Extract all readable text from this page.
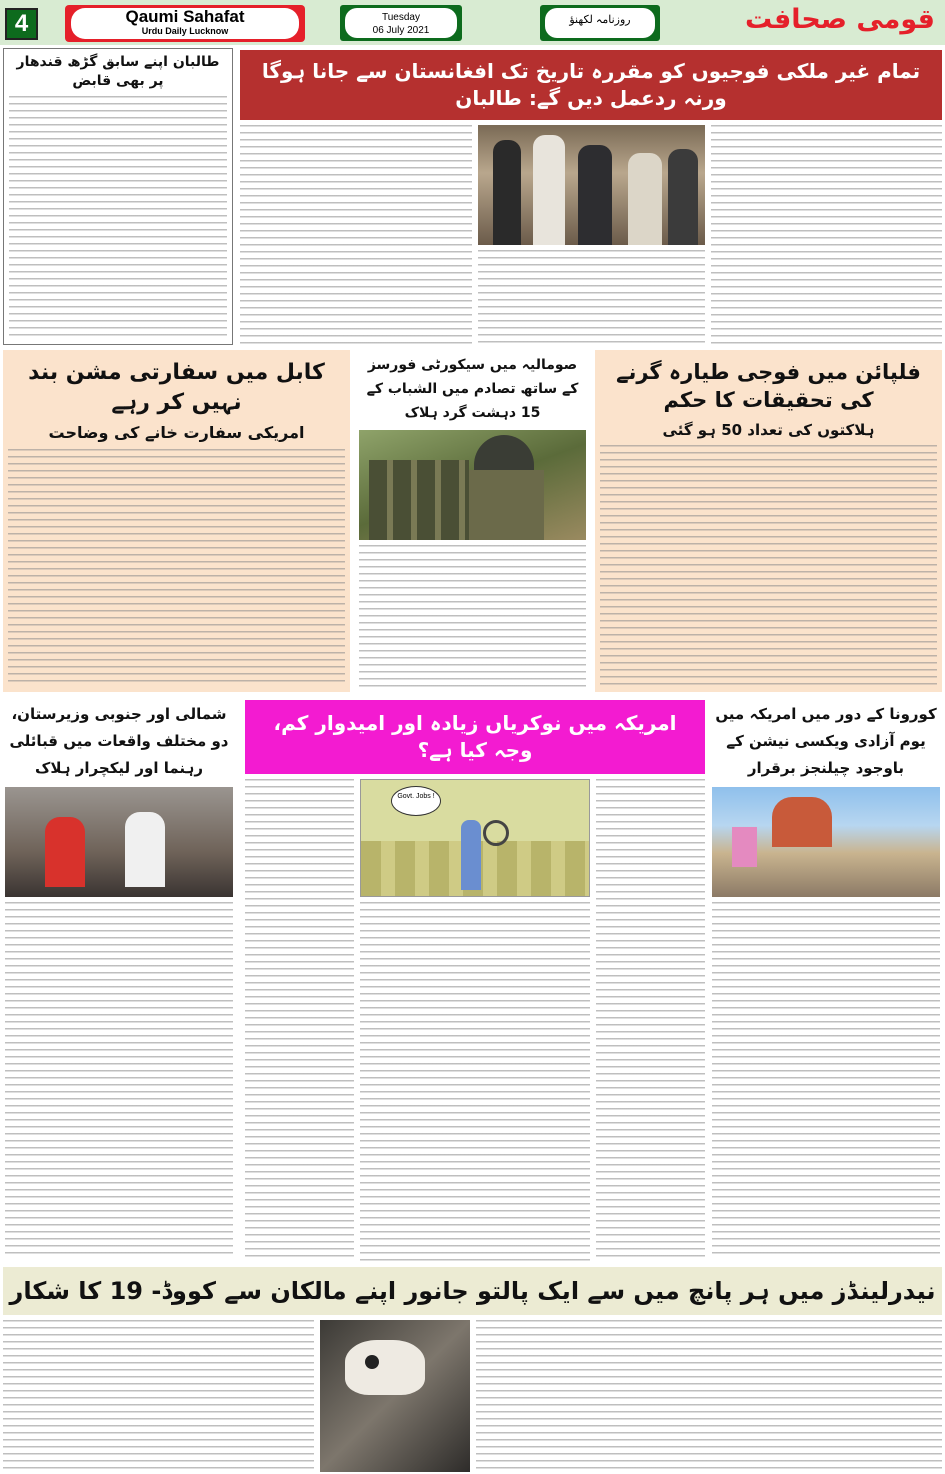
4	Qaumi Sahafat
Urdu Daily Lucknow
Tuesday
06 July 2021
روزنامہ لکھنؤ	قومی صحافت
طالبان اپنے سابق گڑھ قندھار پر بھی قابض	تمام غیر ملکی فوجیوں کو مقررہ تاریخ تک افغانستان سے جانا ہوگا ورنہ ردعمل دیں گے: طالبان
کابل میں سفارتی مشن بند نہیں کر رہے
امریکی سفارت خانے کی وضاحت
صومالیہ میں سیکورٹی فورسز کے ساتھ تصادم میں الشباب کے 15 دہشت گرد ہلاک
فلپائن میں فوجی طیارہ گرنے کی تحقیقات کا حکم
ہلاکتوں کی تعداد 50 ہو گئی
شمالی اور جنوبی وزیرستان، دو مختلف واقعات میں قبائلی رہنما اور لیکچرار ہلاک
امریکہ میں نوکریاں زیادہ اور امیدوار کم، وجہ کیا ہے؟
Govt. Jobs !
کورونا کے دور میں امریکہ میں یوم آزادی ویکسی نیشن کے باوجود چیلنجز برقرار
نیدرلینڈز میں ہر پانچ میں سے ایک پالتو جانور اپنے مالکان سے کووڈ- 19 کا شکار
